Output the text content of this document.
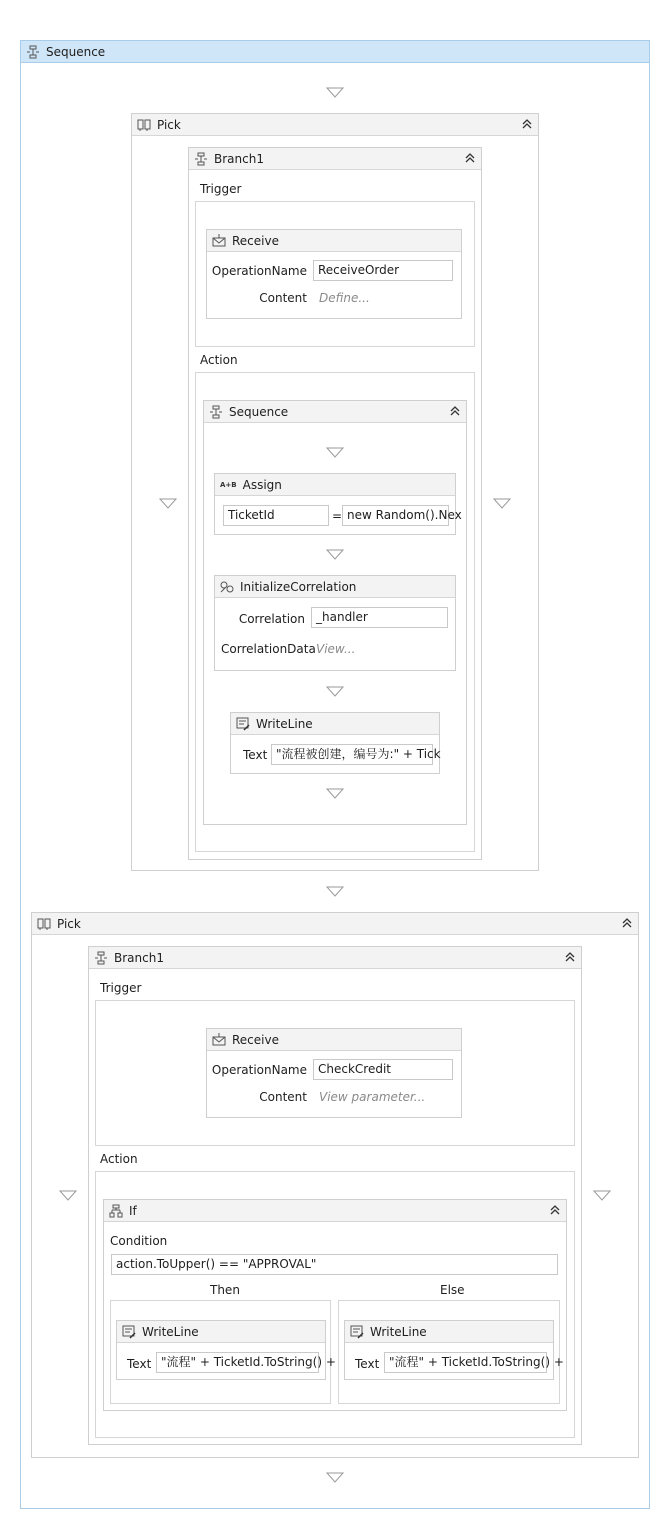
Sequence
Pick
Branch1
Trigger
Action
Receive
OperationName ReceiveOrder
Content Define...
Sequence
A+B Assign
TicketId	= new Random().Nex
InitializeCorrelation
Correlation _handler
CorrelationData View...
WriteLine
Text "流程被创建，编号为:" + Tick
Pick
Branch1
Trigger
Action
Receive
OperationName CheckCredit
Content View parameter...
If
Condition
action.ToUpper() == "APPROVAL"
Then	Else
WriteLine
Text "流程" + TicketId.ToString() +
WriteLine
Text "流程" + TicketId.ToString() +
